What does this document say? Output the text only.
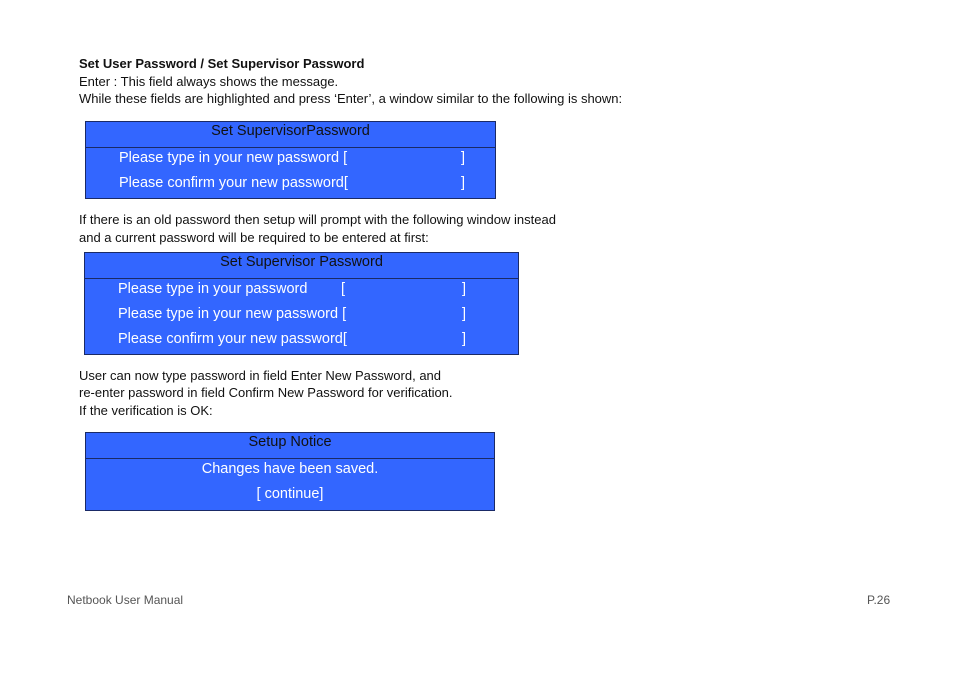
Set User Password / Set Supervisor Password

Enter : This field always shows the message.

While these fields are highlighted and press ‘Enter’, a window similar to the following is shown:

Set SupervisorPassword
Please type in your new password [	]
Please confirm your new password[	]

If there is an old password then setup will prompt with the following window instead

and a current password will be required to be entered at first:

Set Supervisor Password
Please type in your password [	]
Please type in your new password [	]
Please confirm your new password[	]

User can now type password in field Enter New Password, and

re-enter password in field Confirm New Password for verification.

If the verification is OK:

Setup Notice
Changes have been saved.
[ continue]
Netbook User Manual	P.26
